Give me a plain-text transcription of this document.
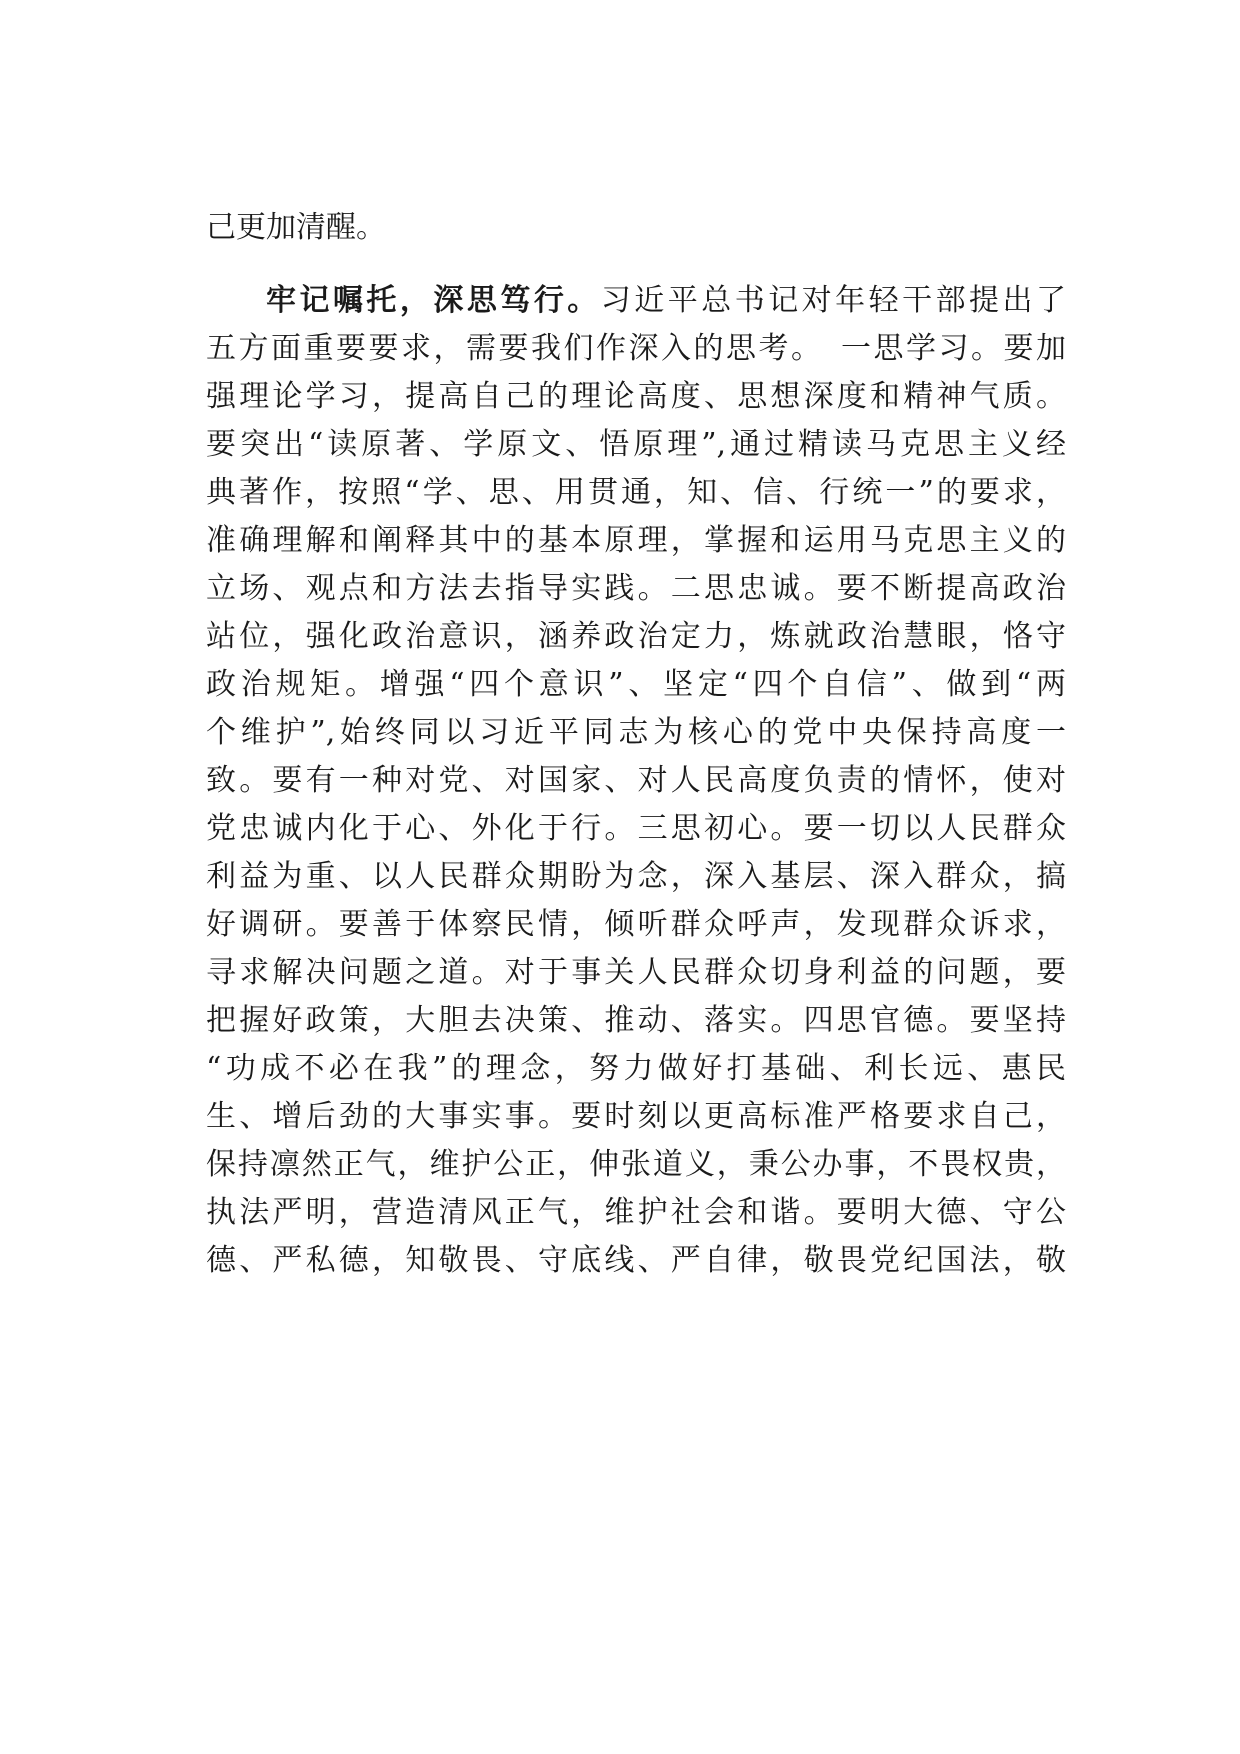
己更加清醒。
牢记嘱托，深思笃行。习近平总书记对年轻干部提出了
五方面重要要求，需要我们作深入的思考。　一思学习。要加
强理论学习，提高自己的理论高度、思想深度和精神气质。
要突出“读原著、学原文、悟原理”,通过精读马克思主义经
典著作，按照“学、思、用贯通，知、信、行统一”的要求，
准确理解和阐释其中的基本原理，掌握和运用马克思主义的
立场、观点和方法去指导实践。二思忠诚。要不断提高政治
站位，强化政治意识，涵养政治定力，炼就政治慧眼，恪守
政治规矩。增强“四个意识”、坚定“四个自信”、做到“两
个维护”,始终同以习近平同志为核心的党中央保持高度一
致。要有一种对党、对国家、对人民高度负责的情怀，使对
党忠诚内化于心、外化于行。三思初心。要一切以人民群众
利益为重、以人民群众期盼为念，深入基层、深入群众，搞
好调研。要善于体察民情，倾听群众呼声，发现群众诉求，
寻求解决问题之道。对于事关人民群众切身利益的问题，要
把握好政策，大胆去决策、推动、落实。四思官德。要坚持
“功成不必在我”的理念，努力做好打基础、利长远、惠民
生、增后劲的大事实事。要时刻以更高标准严格要求自己，
保持凛然正气，维护公正，伸张道义，秉公办事，不畏权贵，
执法严明，营造清风正气，维护社会和谐。要明大德、守公
德、严私德，知敬畏、守底线、严自律，敬畏党纪国法，敬
